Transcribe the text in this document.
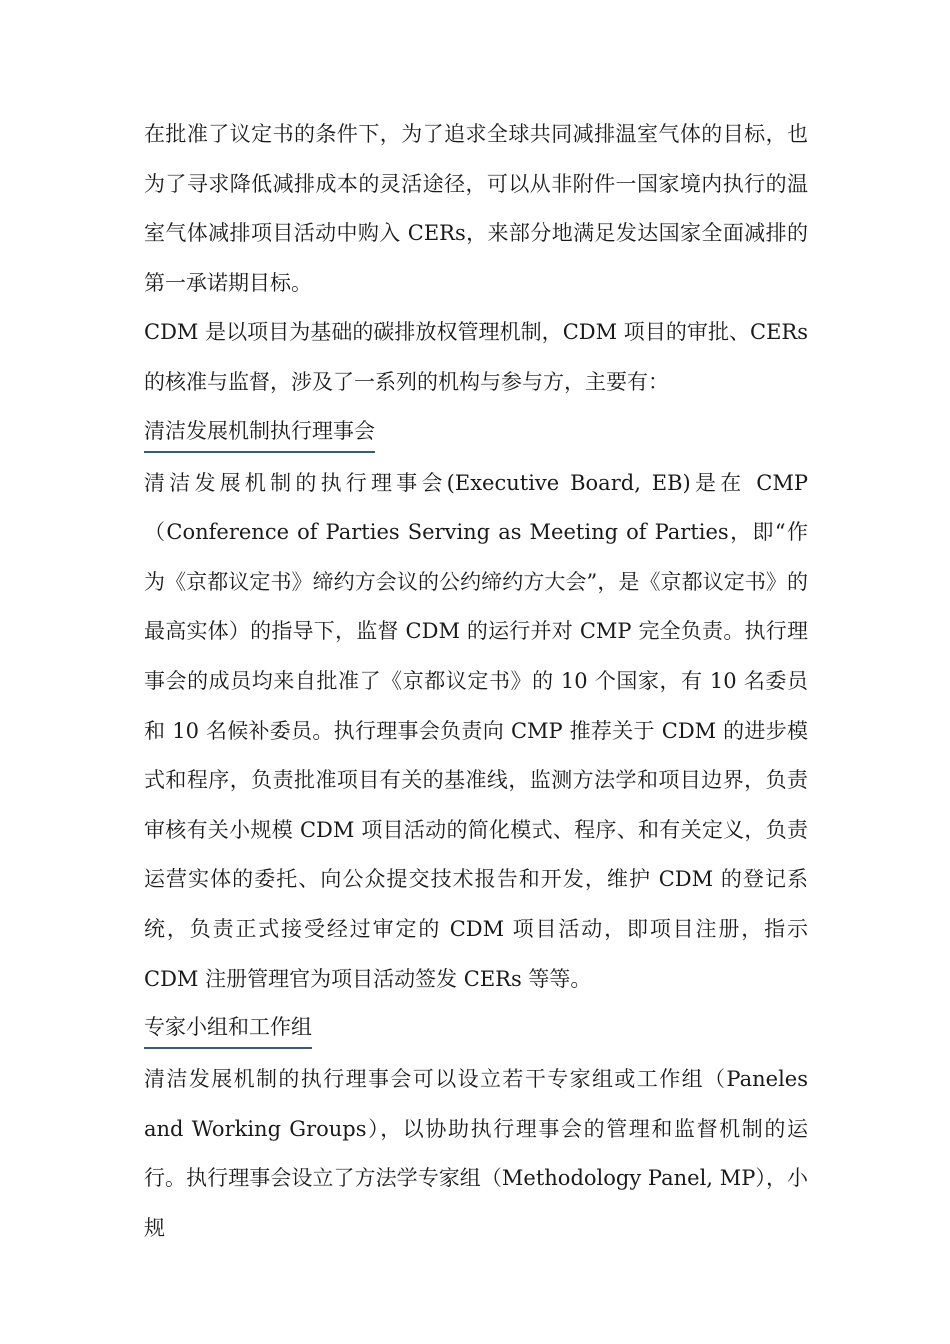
在批准了议定书的条件下，为了追求全球共同减排温室气体的目标，也为了寻求降低减排成本的灵活途径，可以从非附件一国家境内执行的温室气体减排项目活动中购入 CERs，来部分地满足发达国家全面减排的第一承诺期目标。

CDM 是以项目为基础的碳排放权管理机制，CDM 项目的审批、CERs 的核准与监督，涉及了一系列的机构与参与方，主要有：

清洁发展机制执行理事会

清洁发展机制的执行理事会(Executive Board, EB)是在 CMP（Conference of Parties Serving as Meeting of Parties，即“作为《京都议定书》缔约方会议的公约缔约方大会”，是《京都议定书》的最高实体）的指导下，监督 CDM 的运行并对 CMP 完全负责。执行理事会的成员均来自批准了《京都议定书》的 10 个国家，有 10 名委员和 10 名候补委员。执行理事会负责向 CMP 推荐关于 CDM 的进步模式和程序，负责批准项目有关的基准线，监测方法学和项目边界，负责审核有关小规模 CDM 项目活动的简化模式、程序、和有关定义，负责运营实体的委托、向公众提交技术报告和开发，维护 CDM 的登记系统，负责正式接受经过审定的 CDM 项目活动，即项目注册，指示 CDM 注册管理官为项目活动签发 CERs 等等。

专家小组和工作组

清洁发展机制的执行理事会可以设立若干专家组或工作组（Paneles and Working Groups），以协助执行理事会的管理和监督机制的运行。执行理事会设立了方法学专家组（Methodology Panel, MP），小规
